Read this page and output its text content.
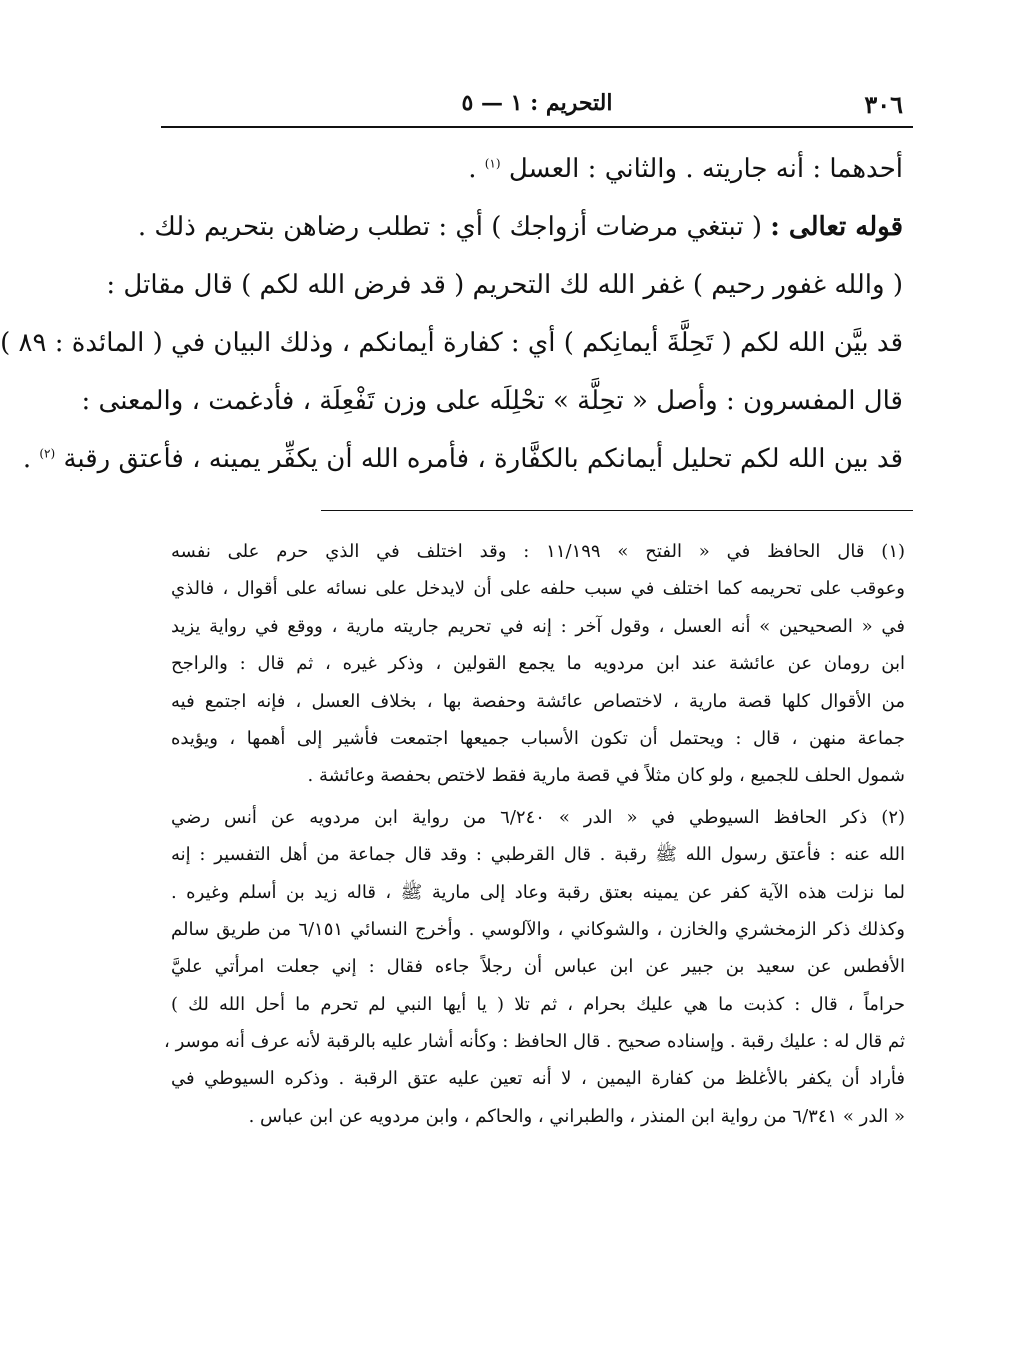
٣٠٦
التحريم : ١ — ٥
أحدهما : أنه جاريته . والثاني : العسل $^{(١)}$ .
قوله تعالى : ( تبتغي مرضات أزواجك ) أي : تطلب رضاهن بتحريم ذلك .
( والله غفور رحيم ) غفر الله لك التحريم ( قد فرض الله لكم ) قال مقاتل :
قد بيَّن الله لكم ( تَحِلَّةَ أيمانِكم ) أي : كفارة أيمانكم ، وذلك البيان في ( المائدة : ٨٩ )
قال المفسرون : وأصل « تحِلَّة » تحْلِلَه على وزن تَفْعِلَة ، فأدغمت ، والمعنى :
قد بين الله لكم تحليل أيمانكم بالكفَّارة ، فأمره الله أن يكفِّر يمينه ، فأعتق رقبة $^{(٢)}$ .
(١) قال الحافظ في « الفتح » ١١/١٩٩ : وقد اختلف في الذي حرم على نفسه
وعوقب على تحريمه كما اختلف في سبب حلفه على أن لايدخل على نسائه على أقوال ، فالذي
في « الصحيحين » أنه العسل ، وقول آخر : إنه في تحريم جاريته مارية ، ووقع في رواية يزيد
ابن رومان عن عائشة عند ابن مردويه ما يجمع القولين ، وذكر غيره ، ثم قال : والراجح
من الأقوال كلها قصة مارية ، لاختصاص عائشة وحفصة بها ، بخلاف العسل ، فإنه اجتمع فيه
جماعة منهن ، قال : ويحتمل أن تكون الأسباب جميعها اجتمعت فأشير إلى أهمها ، ويؤيده
شمول الحلف للجميع ، ولو كان مثلاً في قصة مارية فقط لاختص بحفصة وعائشة .
(٢) ذكر الحافظ السيوطي في « الدر » ٦/٢٤٠ من رواية ابن مردويه عن أنس رضي
الله عنه : فأعتق رسول الله ﷺ رقبة . قال القرطبي : وقد قال جماعة من أهل التفسير : إنه
لما نزلت هذه الآية كفر عن يمينه بعتق رقبة وعاد إلى مارية ﷺ ، قاله زيد بن أسلم وغيره .
وكذلك ذكر الزمخشري والخازن ، والشوكاني ، والآلوسي . وأخرج النسائي ٦/١٥١ من طريق سالم
الأفطس عن سعيد بن جبير عن ابن عباس أن رجلاً جاءه فقال : إني جعلت امرأتي عليَّ
حراماً ، قال : كذبت ما هي عليك بحرام ، ثم تلا ( يا أيها النبي لم تحرم ما أحل الله لك )
ثم قال له : عليك رقبة . وإسناده صحيح . قال الحافظ : وكأنه أشار عليه بالرقبة لأنه عرف أنه موسر ،
فأراد أن يكفر بالأغلظ من كفارة اليمين ، لا أنه تعين عليه عتق الرقبة . وذكره السيوطي في
« الدر » ٦/٣٤١ من رواية ابن المنذر ، والطبراني ، والحاكم ، وابن مردويه عن ابن عباس .
